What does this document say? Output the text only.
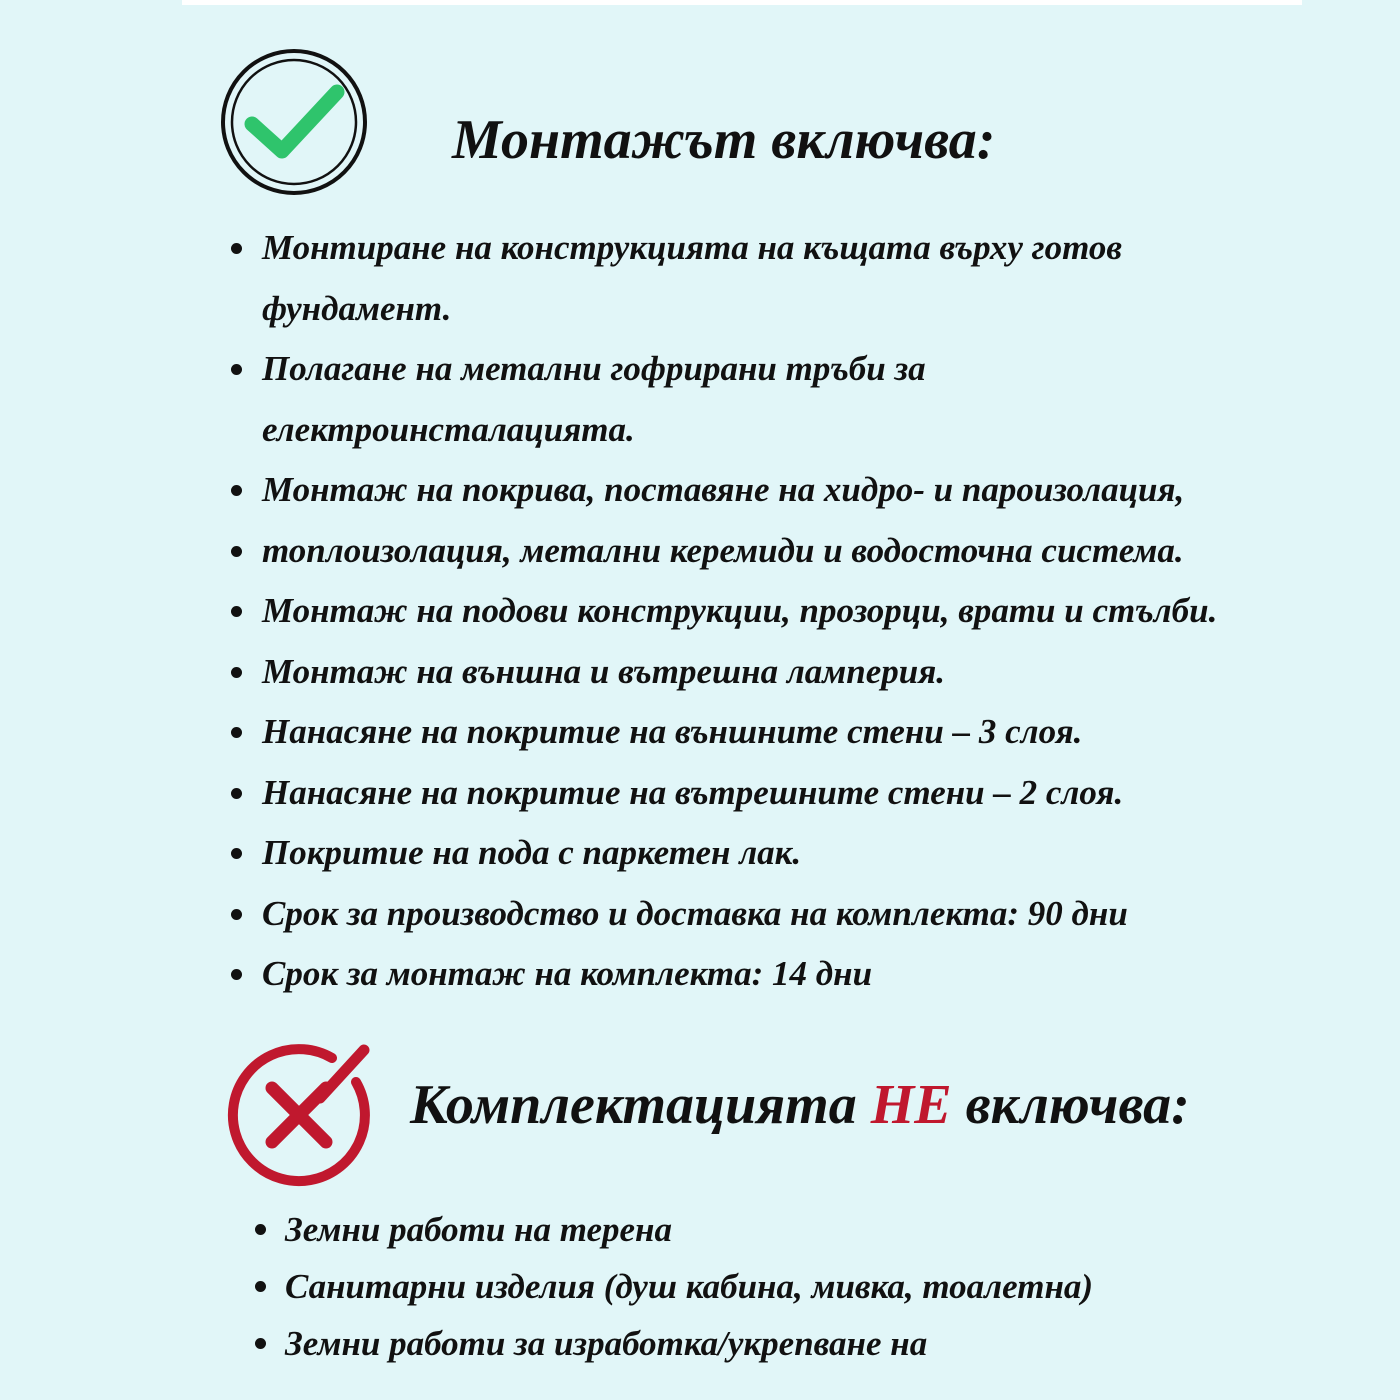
Монтажът включва:
Монтиране на конструкцията на къщата върху готов
фундамент.
Полагане на метални гофрирани тръби за
електроинсталацията.
Монтаж на покрива, поставяне на хидро- и пароизолация,
топлоизолация, метални керемиди и водосточна система.
Монтаж на подови конструкции, прозорци, врати и стълби.
Монтаж на външна и вътрешна ламперия.
Нанасяне на покритие на външните стени – 3 слоя.
Нанасяне на покритие на вътрешните стени – 2 слоя.
Покритие на пода с паркетен лак.
Срок за производство и доставка на комплекта: 90 дни
Срок за монтаж на комплекта: 14 дни
Комплектацията НЕ включва:
Земни работи на терена
Санитарни изделия (душ кабина, мивка, тоалетна)
Земни работи за изработка/укрепване на
